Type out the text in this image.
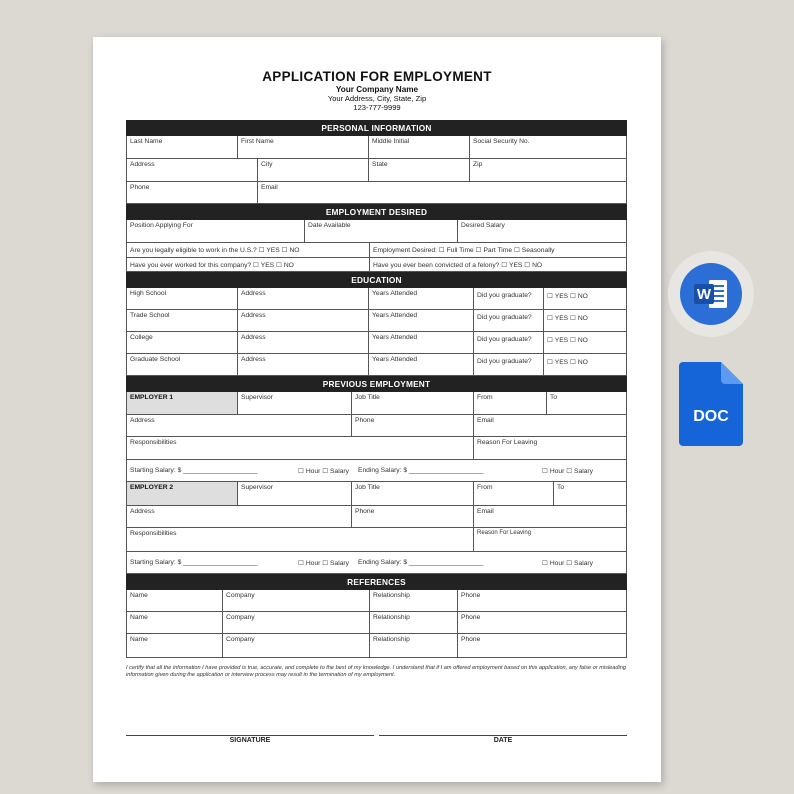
APPLICATION FOR EMPLOYMENT
Your Company Name
Your Address, City, State, Zip
123-777-9999
PERSONAL INFORMATION
Last Name	First Name	Middle Initial	Social Security No.
Address	City	State	Zip
Phone	Email
EMPLOYMENT DESIRED
Position Applying For	Date Available	Desired Salary
Are you legally eligible to work in the U.S.? ☐ YES ☐ NO	Employment Desired: ☐ Full Time ☐ Part Time ☐ Seasonally
Have you ever worked for this company? ☐ YES ☐ NO	Have you ever been convicted of a felony? ☐ YES ☐ NO
EDUCATION
High School	Address	Years Attended	Did you graduate?	☐ YES ☐ NO
Trade School	Address	Years Attended	Did you graduate?	☐ YES ☐ NO
College	Address	Years Attended	Did you graduate?	☐ YES ☐ NO
Graduate School	Address	Years Attended	Did you graduate?	☐ YES ☐ NO
PREVIOUS EMPLOYMENT
EMPLOYER 1	Supervisor	Job Title	From	To
Address	Phone	Email
Responsibilities	Reason For Leaving
Starting Salary: $ ____________________	☐ Hour ☐ Salary Ending Salary: $ ____________________	☐ Hour ☐ Salary
EMPLOYER 2	Supervisor	Job Title	From	To
Address	Phone	Email
Responsibilities	Reason For Leaving
Starting Salary: $ ____________________	☐ Hour ☐ Salary Ending Salary: $ ____________________	☐ Hour ☐ Salary
REFERENCES
Name	Company	Relationship	Phone
Name	Company	Relationship	Phone
Name	Company	Relationship	Phone
I certify that all the information I have provided is true, accurate, and complete to the best of my knowledge. I understand that if I am offered employment based on this application, any false or misleading information given during the application or interview process may result in the termination of my employment.
SIGNATURE	DATE
W
DOC
